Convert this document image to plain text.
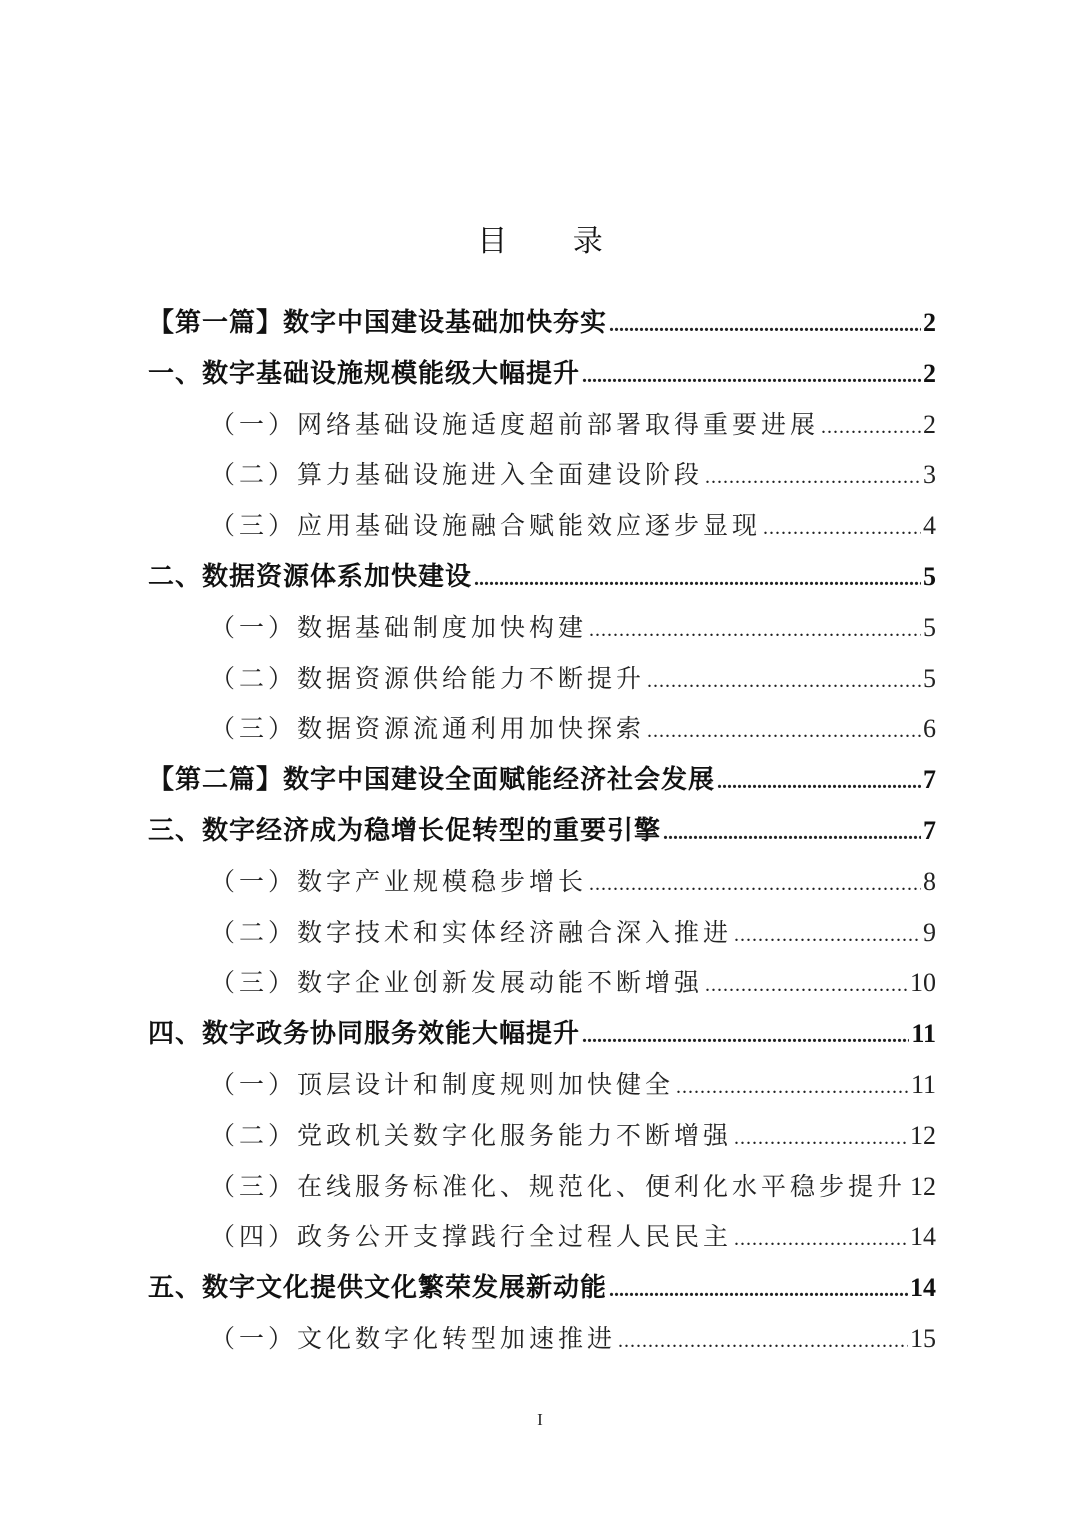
目 录
【第一篇】数字中国建设基础加快夯实 .....	2
一、数字基础设施规模能级大幅提升 .....	2
（一）网络基础设施适度超前部署取得重要进展 .....	2
（二）算力基础设施进入全面建设阶段 .....	3
（三）应用基础设施融合赋能效应逐步显现 .....	4
二、数据资源体系加快建设 .....	5
（一）数据基础制度加快构建 .....	5
（二）数据资源供给能力不断提升 .....	5
（三）数据资源流通利用加快探索 .....	6
【第二篇】数字中国建设全面赋能经济社会发展 .....	7
三、数字经济成为稳增长促转型的重要引擎 .....	7
（一）数字产业规模稳步增长 .....	8
（二）数字技术和实体经济融合深入推进 .....	9
（三）数字企业创新发展动能不断增强 .....	10
四、数字政务协同服务效能大幅提升 .....	11
（一）顶层设计和制度规则加快健全 .....	11
（二）党政机关数字化服务能力不断增强 .....	12
（三）在线服务标准化、规范化、便利化水平稳步提升 12
（四）政务公开支撑践行全过程人民民主 .....	14
五、数字文化提供文化繁荣发展新动能 .....	14
（一）文化数字化转型加速推进 .....	15
I
